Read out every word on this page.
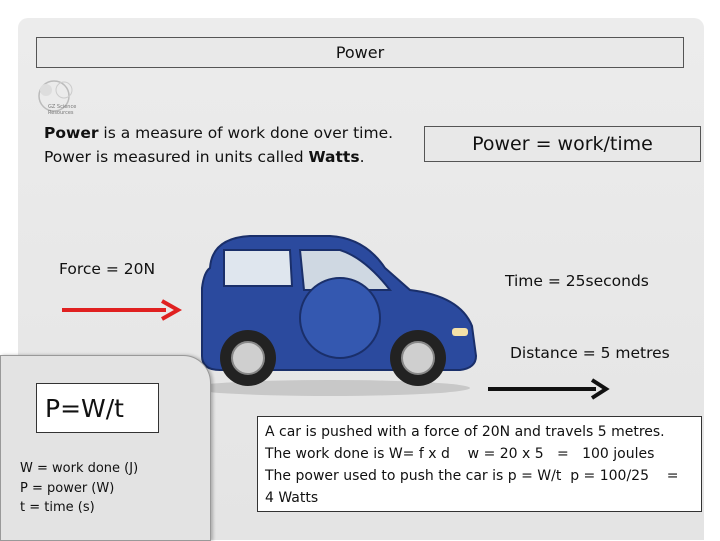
Power
GZ Science
Resources
Power is a measure of work done over time.
Power is measured in units called Watts.
Power = work/time
Force = 20N
Time = 25seconds
Distance = 5 metres
P=W/t
W = work done (J)
P = power (W)
t = time (s)
A car is pushed with a force of 20N and travels 5 metres.
The work done is W= f x d    w = 20 x 5   =   100 joules
The power used to push the car is p = W/t  p = 100/25    =
4 Watts
